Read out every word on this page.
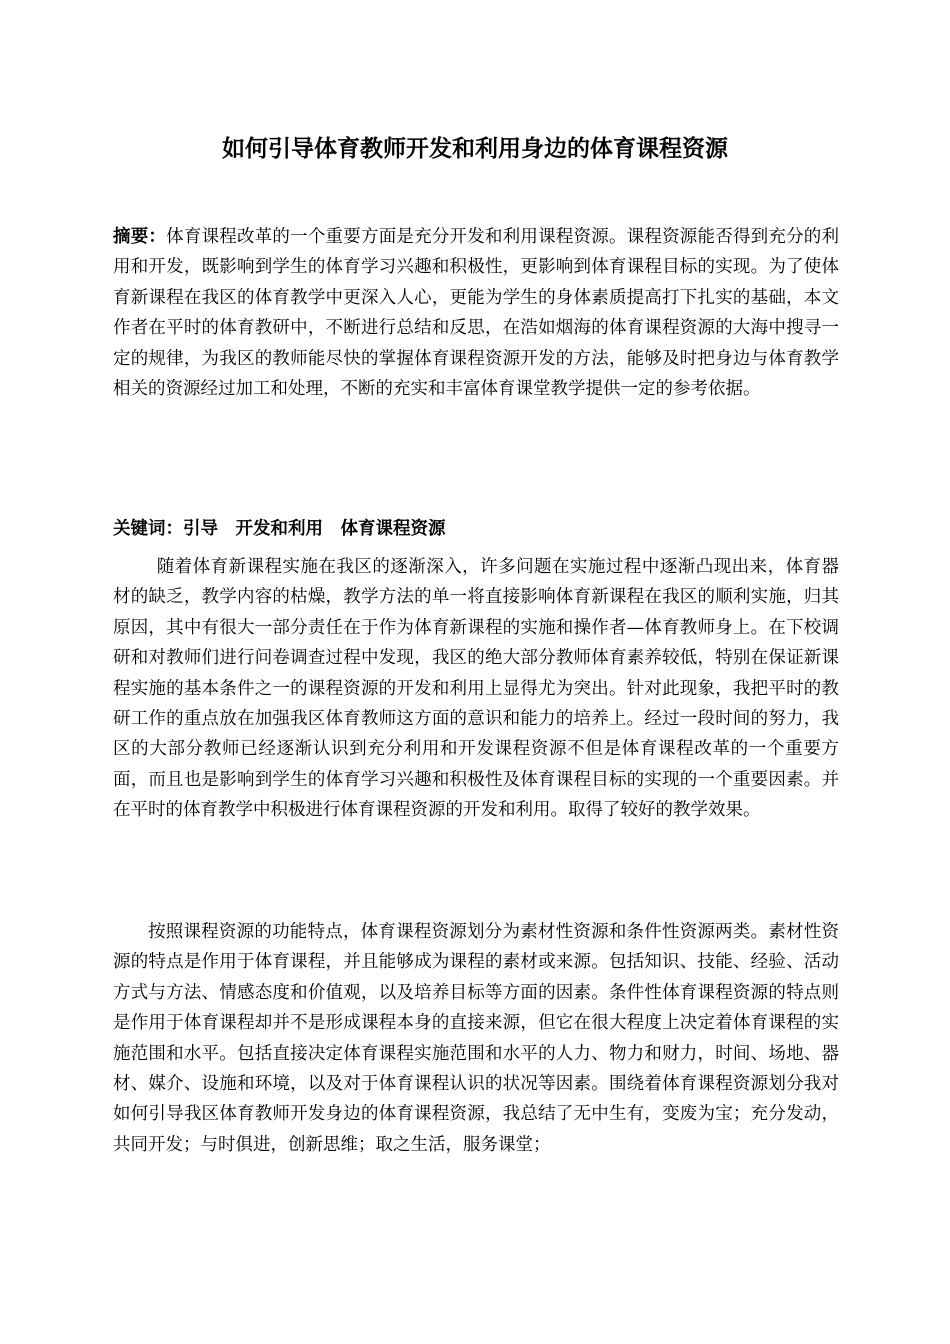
如何引导体育教师开发和利用身边的体育课程资源

摘要：体育课程改革的一个重要方面是充分开发和利用课程资源。课程资源能否得到充分的利用和开发，既影响到学生的体育学习兴趣和积极性，更影响到体育课程目标的实现。为了使体育新课程在我区的体育教学中更深入人心，更能为学生的身体素质提高打下扎实的基础，本文作者在平时的体育教研中，不断进行总结和反思，在浩如烟海的体育课程资源的大海中搜寻一定的规律，为我区的教师能尽快的掌握体育课程资源开发的方法，能够及时把身边与体育教学相关的资源经过加工和处理，不断的充实和丰富体育课堂教学提供一定的参考依据。

关键词：引导　开发和利用　体育课程资源

随着体育新课程实施在我区的逐渐深入，许多问题在实施过程中逐渐凸现出来，体育器材的缺乏，教学内容的枯燥，教学方法的单一将直接影响体育新课程在我区的顺利实施，归其原因，其中有很大一部分责任在于作为体育新课程的实施和操作者—体育教师身上。在下校调研和对教师们进行问卷调查过程中发现，我区的绝大部分教师体育素养较低，特别在保证新课程实施的基本条件之一的课程资源的开发和利用上显得尤为突出。针对此现象，我把平时的教研工作的重点放在加强我区体育教师这方面的意识和能力的培养上。经过一段时间的努力，我区的大部分教师已经逐渐认识到充分利用和开发课程资源不但是体育课程改革的一个重要方面，而且也是影响到学生的体育学习兴趣和积极性及体育课程目标的实现的一个重要因素。并在平时的体育教学中积极进行体育课程资源的开发和利用。取得了较好的教学效果。

按照课程资源的功能特点，体育课程资源划分为素材性资源和条件性资源两类。素材性资源的特点是作用于体育课程，并且能够成为课程的素材或来源。包括知识、技能、经验、活动方式与方法、情感态度和价值观，以及培养目标等方面的因素。条件性体育课程资源的特点则是作用于体育课程却并不是形成课程本身的直接来源，但它在很大程度上决定着体育课程的实施范围和水平。包括直接决定体育课程实施范围和水平的人力、物力和财力，时间、场地、器材、媒介、设施和环境，以及对于体育课程认识的状况等因素。围绕着体育课程资源划分我对如何引导我区体育教师开发身边的体育课程资源，我总结了无中生有，变废为宝；充分发动，共同开发；与时俱进，创新思维；取之生活，服务课堂；
